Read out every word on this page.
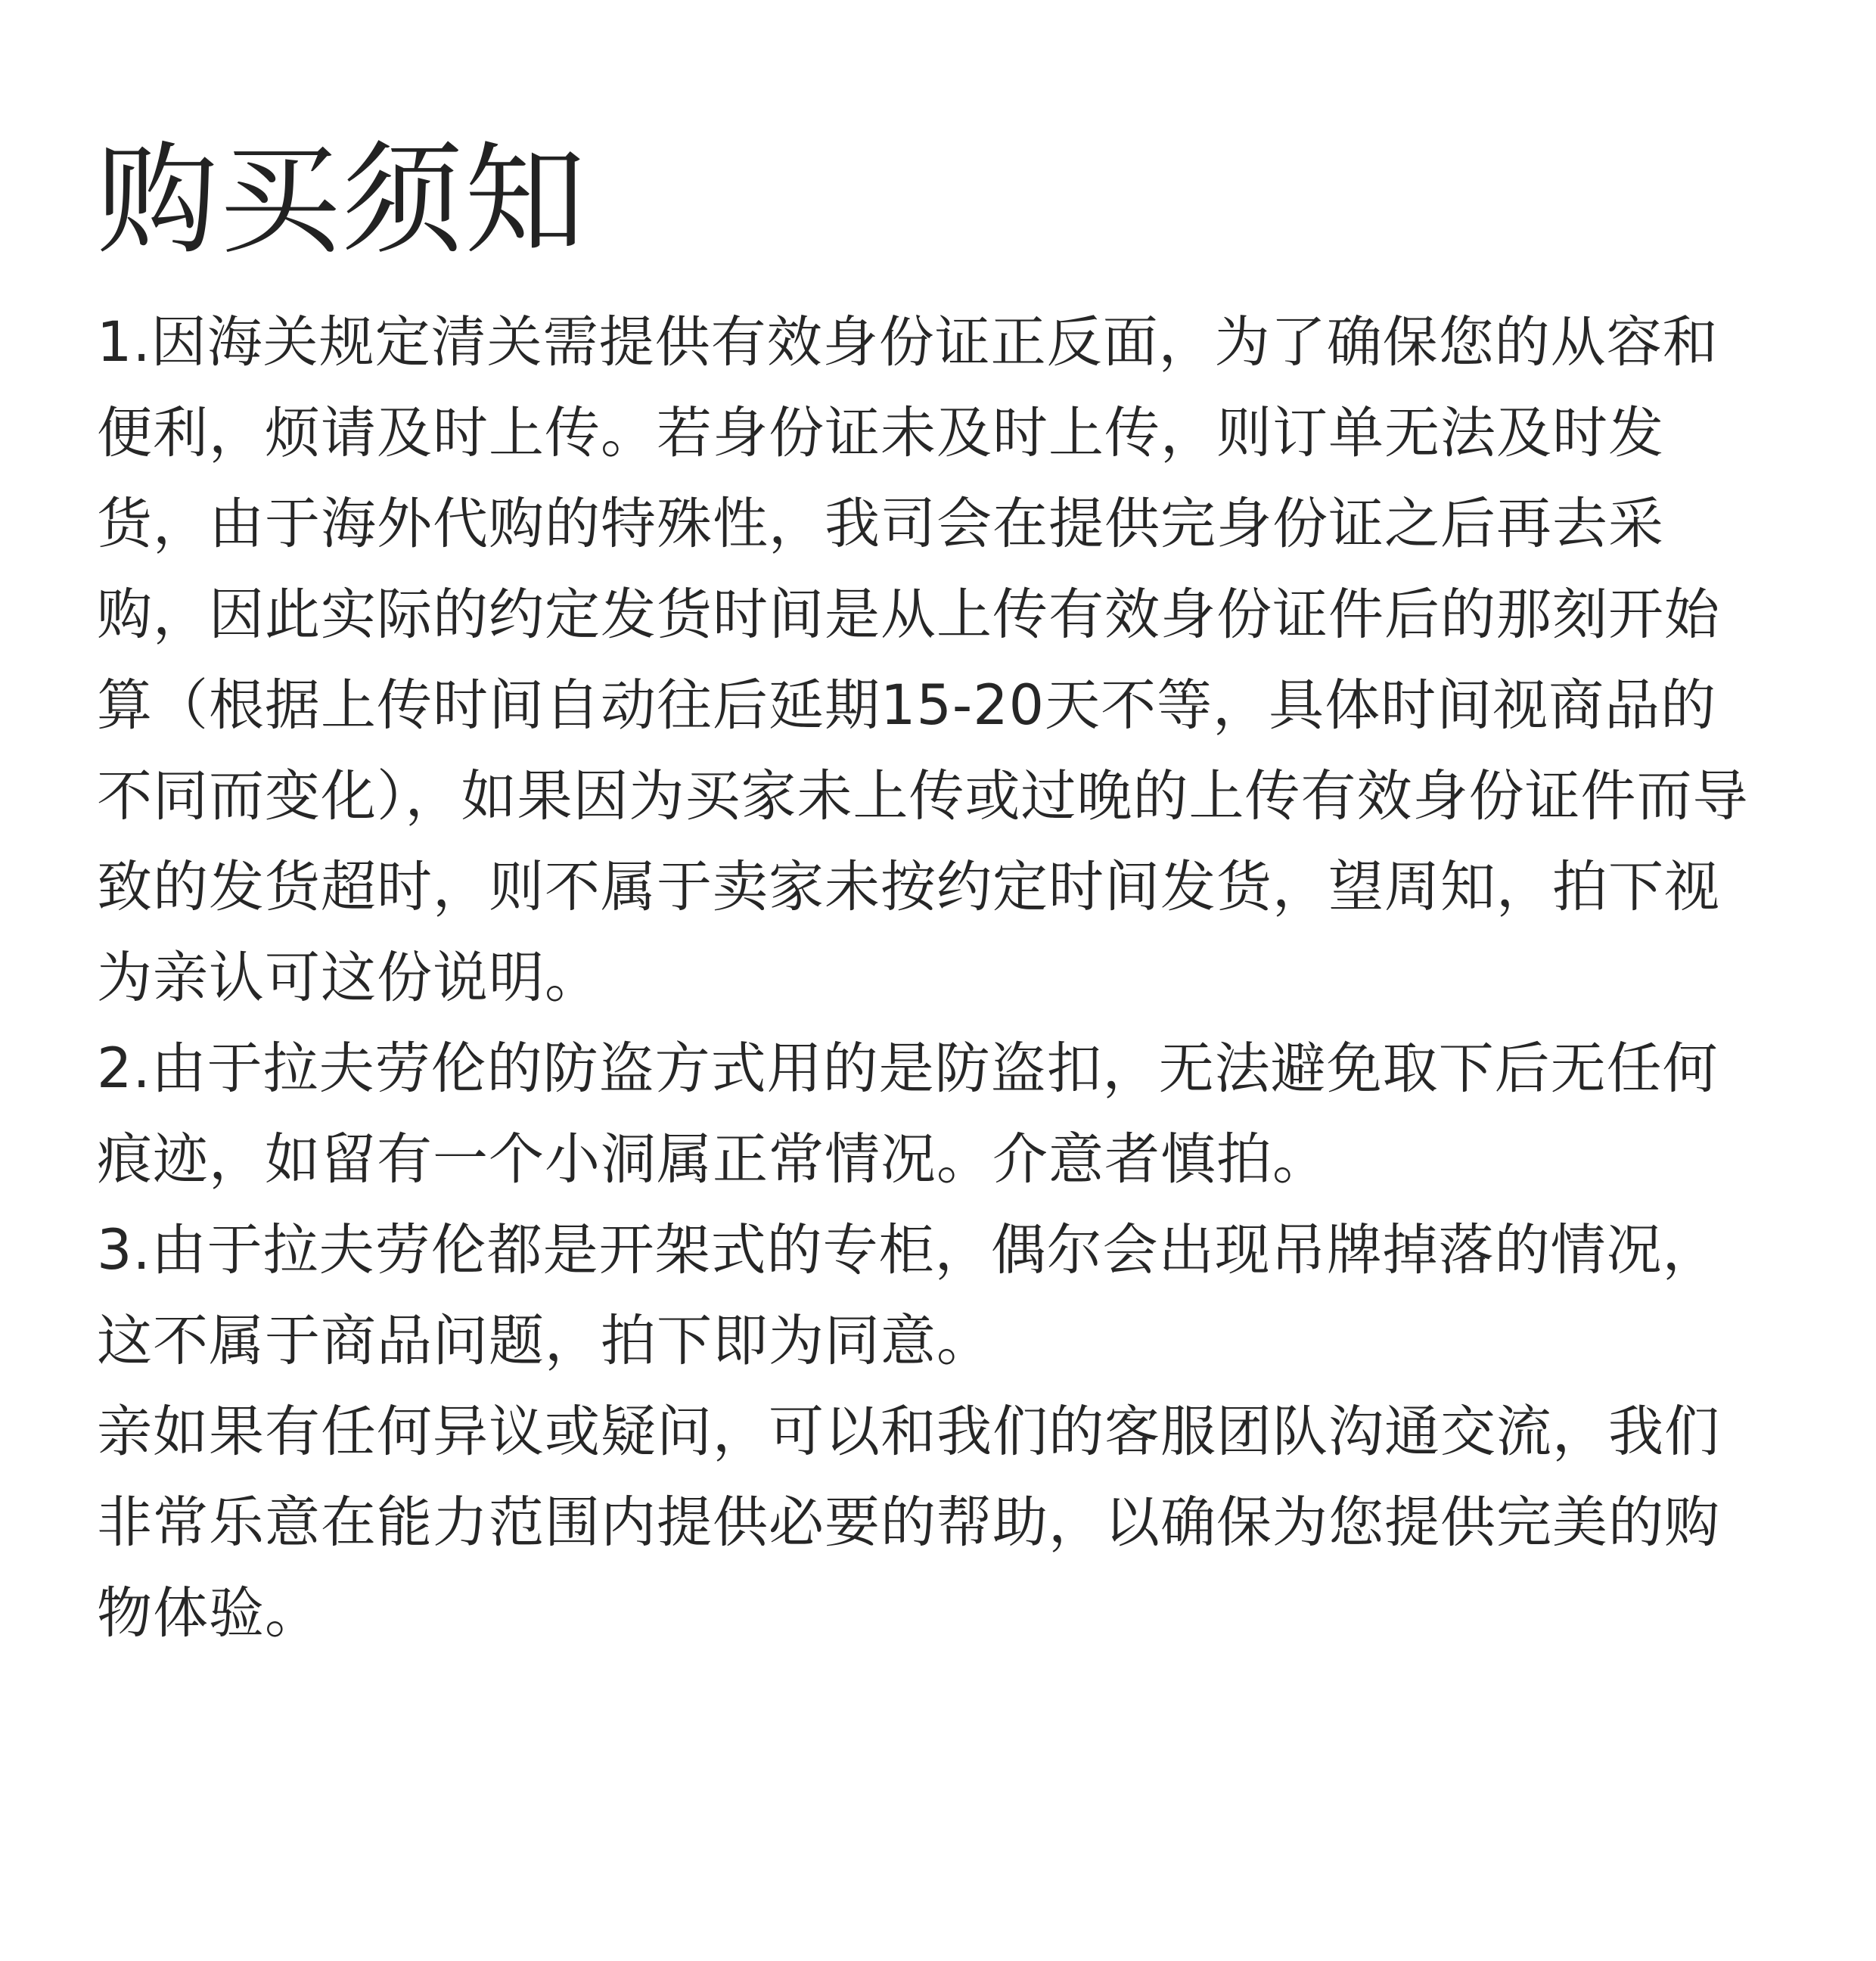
购买须知

1.因海关规定清关需提供有效身份证正反面，为了确保您的从容和便利，烦请及时上传。若身份证未及时上传，则订单无法及时发货，由于海外代购的特殊性，我司会在提供完身份证之后再去采购，因此实际的约定发货时间是从上传有效身份证件后的那刻开始算（根据上传时间自动往后延期15-20天不等，具体时间视商品的不同而变化），如果因为买家未上传或过晚的上传有效身份证件而导致的发货超时，则不属于卖家未按约定时间发货，望周知，拍下视为亲认可这份说明。

2.由于拉夫劳伦的防盗方式用的是防盗扣，无法避免取下后无任何痕迹，如留有一个小洞属正常情况。介意者慎拍。

3.由于拉夫劳伦都是开架式的专柜，偶尔会出现吊牌掉落的情况，这不属于商品问题，拍下即为同意。

亲如果有任何异议或疑问，可以和我们的客服团队沟通交流，我们非常乐意在能力范围内提供必要的帮助，以确保为您提供完美的购物体验。
